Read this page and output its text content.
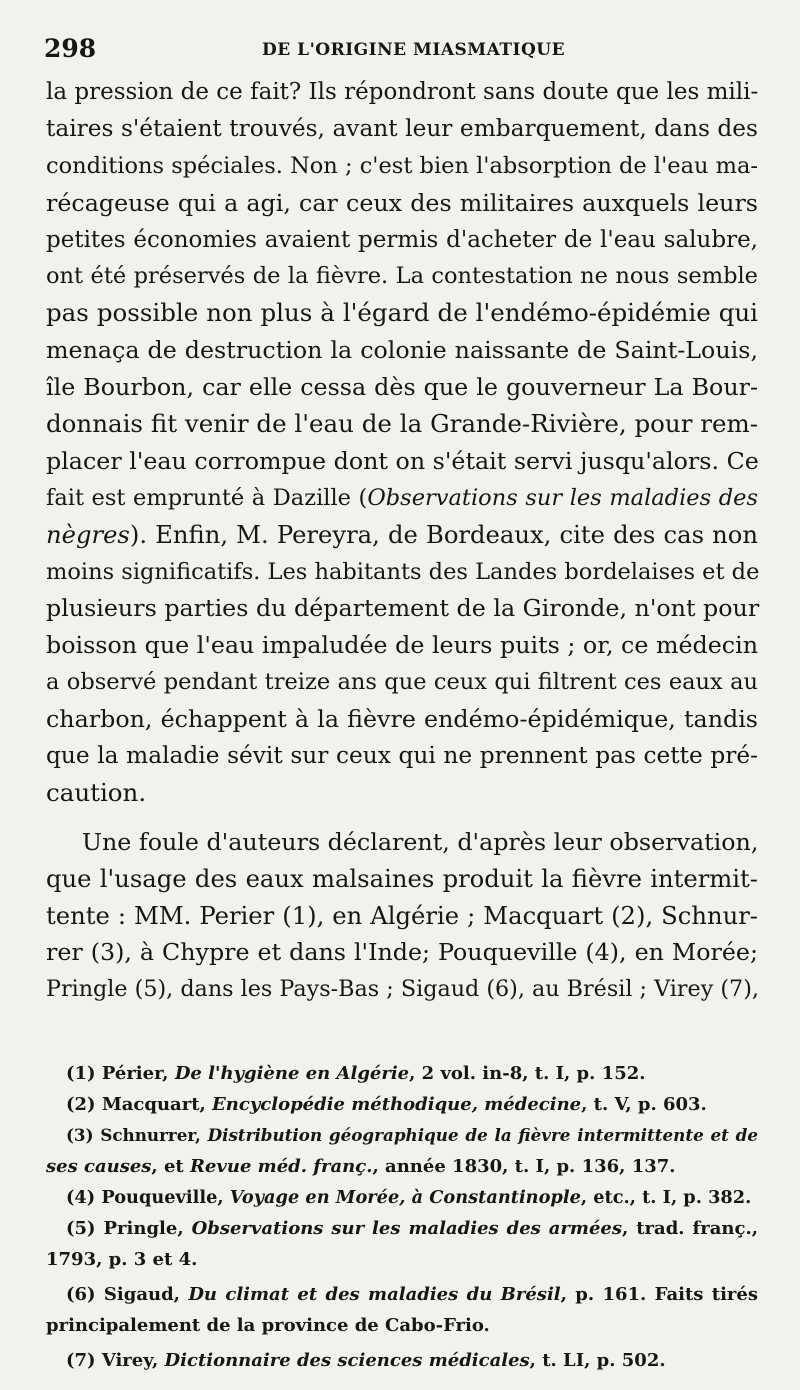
298	DE L'ORIGINE MIASMATIQUE
la pression de ce fait? Ils répondront sans doute que les mili-
taires s'étaient trouvés, avant leur embarquement, dans des
conditions spéciales. Non ; c'est bien l'absorption de l'eau ma-
récageuse qui a agi, car ceux des militaires auxquels leurs
petites économies avaient permis d'acheter de l'eau salubre,
ont été préservés de la fièvre. La contestation ne nous semble
pas possible non plus à l'égard de l'endémo-épidémie qui
menaça de destruction la colonie naissante de Saint-Louis,
île Bourbon, car elle cessa dès que le gouverneur La Bour-
donnais fit venir de l'eau de la Grande-Rivière, pour rem-
placer l'eau corrompue dont on s'était servi jusqu'alors. Ce
fait est emprunté à Dazille (Observations sur les maladies des
nègres). Enfin, M. Pereyra, de Bordeaux, cite des cas non
moins significatifs. Les habitants des Landes bordelaises et de
plusieurs parties du département de la Gironde, n'ont pour
boisson que l'eau impaludée de leurs puits ; or, ce médecin
a observé pendant treize ans que ceux qui filtrent ces eaux au
charbon, échappent à la fièvre endémo-épidémique, tandis
que la maladie sévit sur ceux qui ne prennent pas cette pré-
caution.
Une foule d'auteurs déclarent, d'après leur observation,
que l'usage des eaux malsaines produit la fièvre intermit-
tente : MM. Perier (1), en Algérie ; Macquart (2), Schnur-
rer (3), à Chypre et dans l'Inde; Pouqueville (4), en Morée;
Pringle (5), dans les Pays-Bas ; Sigaud (6), au Brésil ; Virey (7),
(1) Périer, De l'hygiène en Algérie, 2 vol. in-8, t. I, p. 152.
(2) Macquart, Encyclopédie méthodique, médecine, t. V, p. 603.
(3) Schnurrer, Distribution géographique de la fièvre intermittente et de
ses causes, et Revue méd. franç., année 1830, t. I, p. 136, 137.
(4) Pouqueville, Voyage en Morée, à Constantinople, etc., t. I, p. 382.
(5) Pringle, Observations sur les maladies des armées, trad. franç.,
1793, p. 3 et 4.
(6) Sigaud, Du climat et des maladies du Brésil, p. 161. Faits tirés
principalement de la province de Cabo-Frio.
(7) Virey, Dictionnaire des sciences médicales, t. LI, p. 502.
